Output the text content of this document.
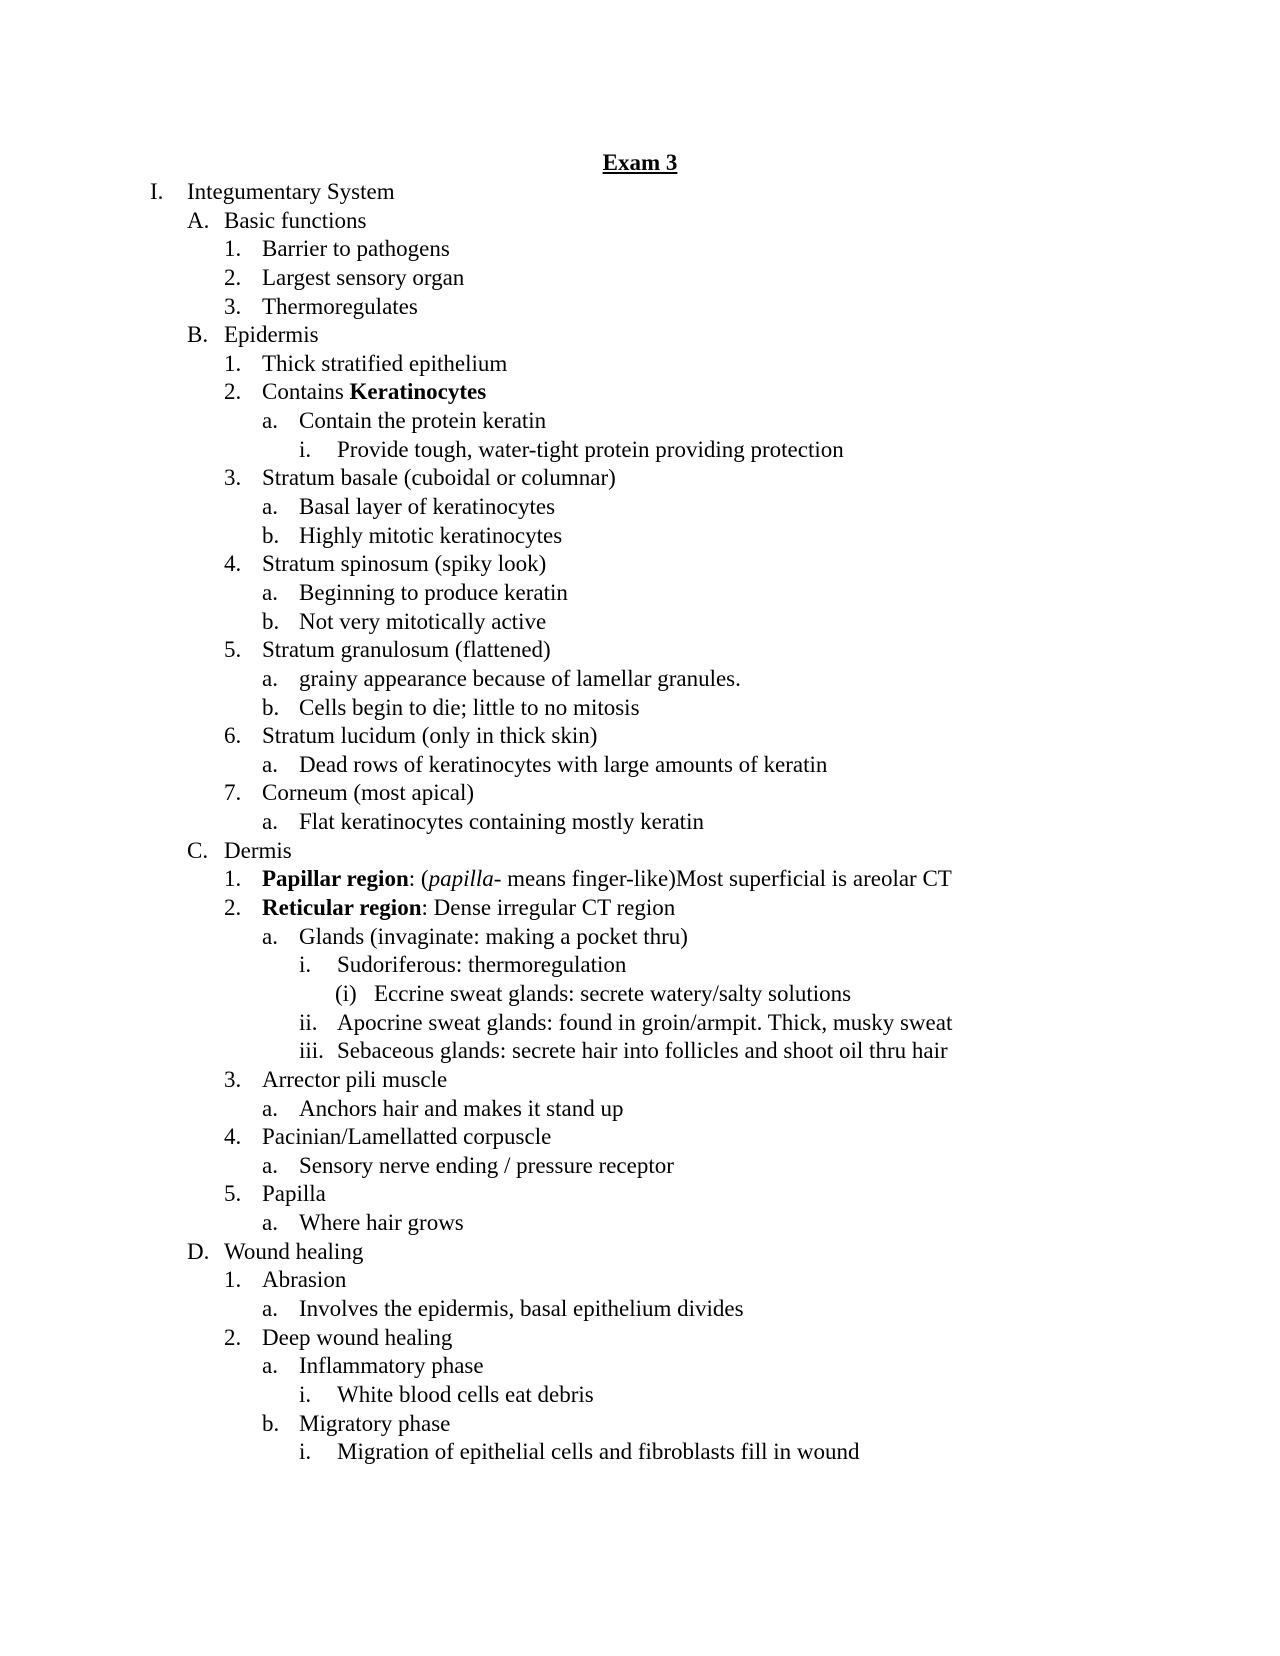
Exam 3
I. Integumentary System
A. Basic functions
1. Barrier to pathogens
2. Largest sensory organ
3. Thermoregulates
B. Epidermis
1. Thick stratified epithelium
2. Contains Keratinocytes
a. Contain the protein keratin
i. Provide tough, water-tight protein providing protection
3. Stratum basale (cuboidal or columnar)
a. Basal layer of keratinocytes
b. Highly mitotic keratinocytes
4. Stratum spinosum (spiky look)
a. Beginning to produce keratin
b. Not very mitotically active
5. Stratum granulosum (flattened)
a. grainy appearance because of lamellar granules.
b. Cells begin to die; little to no mitosis
6. Stratum lucidum (only in thick skin)
a. Dead rows of keratinocytes with large amounts of keratin
7. Corneum (most apical)
a. Flat keratinocytes containing mostly keratin
C. Dermis
1. Papillar region: (papilla- means finger-like)Most superficial is areolar CT
2. Reticular region: Dense irregular CT region
a. Glands (invaginate: making a pocket thru)
i. Sudoriferous: thermoregulation
(i) Eccrine sweat glands: secrete watery/salty solutions
ii. Apocrine sweat glands: found in groin/armpit. Thick, musky sweat
iii. Sebaceous glands: secrete hair into follicles and shoot oil thru hair
3. Arrector pili muscle
a. Anchors hair and makes it stand up
4. Pacinian/Lamellatted corpuscle
a. Sensory nerve ending / pressure receptor
5. Papilla
a. Where hair grows
D. Wound healing
1. Abrasion
a. Involves the epidermis, basal epithelium divides
2. Deep wound healing
a. Inflammatory phase
i. White blood cells eat debris
b. Migratory phase
i. Migration of epithelial cells and fibroblasts fill in wound
